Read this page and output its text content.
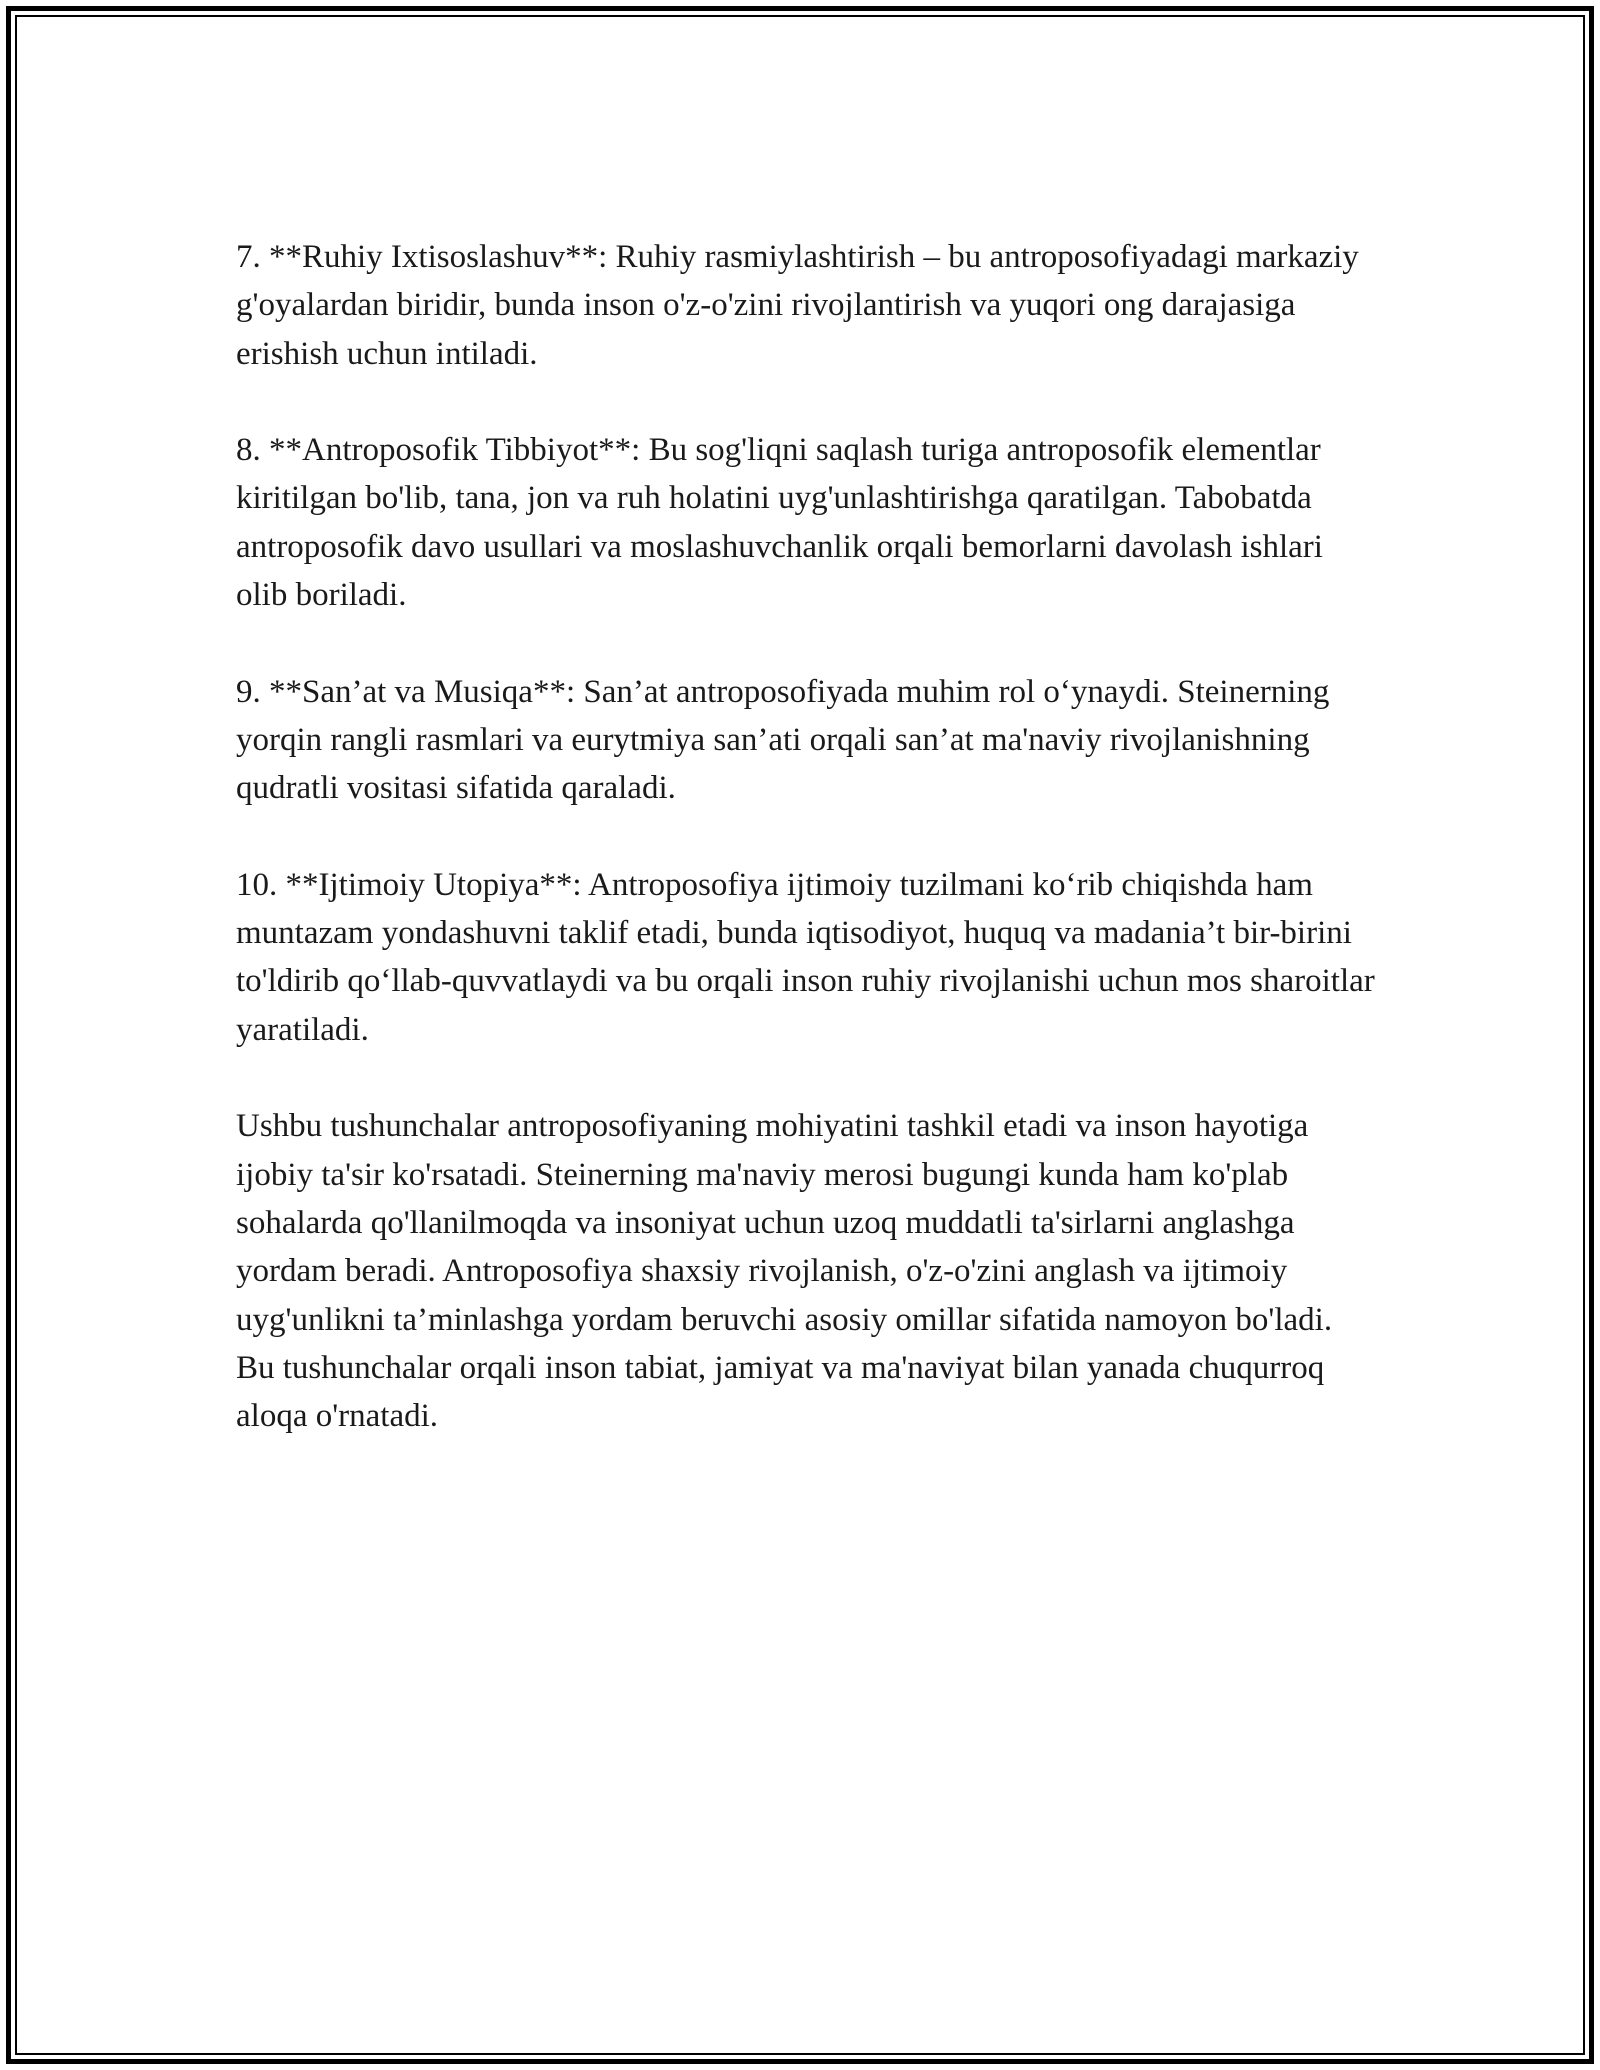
7. **Ruhiy Ixtisoslashuv**: Ruhiy rasmiylashtirish – bu antroposofiyadagi markaziy g'oyalardan biridir, bunda inson o'z-o'zini rivojlantirish va yuqori ong darajasiga erishish uchun intiladi.

8. **Antroposofik Tibbiyot**: Bu sog'liqni saqlash turiga antroposofik elementlar kiritilgan bo'lib, tana, jon va ruh holatini uyg'unlashtirishga qaratilgan. Tabobatda antroposofik davo usullari va moslashuvchanlik orqali bemorlarni davolash ishlari olib boriladi.

9. **San’at va Musiqa**: San’at antroposofiyada muhim rol o‘ynaydi. Steinerning yorqin rangli rasmlari va eurytmiya san’ati orqali san’at ma'naviy rivojlanishning qudratli vositasi sifatida qaraladi.

10. **Ijtimoiy Utopiya**: Antroposofiya ijtimoiy tuzilmani ko‘rib chiqishda ham muntazam yondashuvni taklif etadi, bunda iqtisodiyot, huquq va madania’t bir-birini to'ldirib qo‘llab-quvvatlaydi va bu orqali inson ruhiy rivojlanishi uchun mos sharoitlar yaratiladi.

Ushbu tushunchalar antroposofiyaning mohiyatini tashkil etadi va inson hayotiga ijobiy ta'sir ko'rsatadi. Steinerning ma'naviy merosi bugungi kunda ham ko'plab sohalarda qo'llanilmoqda va insoniyat uchun uzoq muddatli ta'sirlarni anglashga yordam beradi. Antroposofiya shaxsiy rivojlanish, o'z-o'zini anglash va ijtimoiy uyg'unlikni ta’minlashga yordam beruvchi asosiy omillar sifatida namoyon bo'ladi. Bu tushunchalar orqali inson tabiat, jamiyat va ma'naviyat bilan yanada chuqurroq aloqa o'rnatadi.
